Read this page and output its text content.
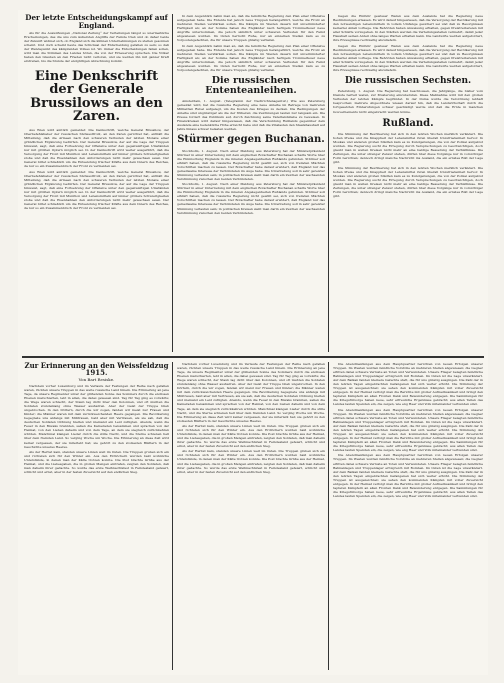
Der letzte Entscheidungskampf auf England.

Als für die Auswirkungen „National Zeitung“ der Verteilungen längst so unermeßliche Erscheinungen, das die uns zum äußersten Angriffe der Feinde trieb und ob daher beide der Zukunft widmet sich, ob England sich die kühnen Unternehmungen zu stellen gesonnen scheint. Und doch scheint heute das Schicksal der Entscheidung gefallen zu sein; so daß der Wendepunkt des kämpfenden Volkes ist. Wo immer die Entscheidungen fallen sollen, wird man die Stimmen des Landes hören, die von der Erneuerung sprechen. Die Völker haben den Glauben an den Frieden nicht verloren, und sie werden ihn mit ganzer Kraft erstreben, bis die Stunde der endgültigen Abrechnung kommt.

Eine Denkschrift der Generale Brussilows an den Zaren.

Aus Wien wird amtlich gemeldet: Die Denkschrift, welche General Brussilow, der Oberbefehlshaber der russischen Südwestfront, an den Zaren gerichtet hat, enthält die Mitteilung, daß die Armeen nach den schweren Verlusten der letzten Monate einer gründlichen Ergänzung bedürfen. Der General Brussilow, der auf die Lage der Truppen hinweist, sagt, daß eine Fortsetzung der Offensive unter den gegenwärtigen Umständen nur mit größten Opfern möglich sei. In der Denkschrift wird weiter ausgeführt, daß die Versorgung der Front mit Munition und Lebensmitteln auf immer größere Schwierigkeiten stoße und daß die Eisenbahnen den Anforderungen nicht mehr gewachsen seien. Der General bittet schließlich um die Entsendung frischer Kräfte aus dem Innern des Reiches, da nur so ein Zusammenbruch der Front zu vermeiden sei.

Aus Wien wird amtlich gemeldet: Die Denkschrift, welche General Brussilow, der Oberbefehlshaber der russischen Südwestfront, an den Zaren gerichtet hat, enthält die Mitteilung, daß die Armeen nach den schweren Verlusten der letzten Monate einer gründlichen Ergänzung bedürfen. Der General Brussilow, der auf die Lage der Truppen hinweist, sagt, daß eine Fortsetzung der Offensive unter den gegenwärtigen Umständen nur mit größten Opfern möglich sei. In der Denkschrift wird weiter ausgeführt, daß die Versorgung der Front mit Munition und Lebensmitteln auf immer größere Schwierigkeiten stoße und daß die Eisenbahnen den Anforderungen nicht mehr gewachsen seien. Der General bittet schließlich um die Entsendung frischer Kräfte aus dem Innern des Reiches, da nur so ein Zusammenbruch der Front zu vermeiden sei.

In dem Augenblick nahm man an, daß die feindliche Regierung den Plan einer Offensive aufgegeben habe. Die Entente hat jedoch neue Truppen herangeführt, welche die Front an mehreren Stellen verstärken sollen. Die Kämpfe im Westen dauern mit unverminderter Heftigkeit an; an der Somme haben die Engländer nach heftigem Trommelfeuer neue Angriffe unternommen, die jedoch sämtlich unter schweren Verlusten für den Feind abgewiesen wurden. Im Osten herrscht Ruhe, nur an einzelnen Stellen kam es zu Vorpostengefechten, die für unsere Truppen günstig verliefen.

In dem Augenblick nahm man an, daß die feindliche Regierung den Plan einer Offensive aufgegeben habe. Die Entente hat jedoch neue Truppen herangeführt, welche die Front an mehreren Stellen verstärken sollen. Die Kämpfe im Westen dauern mit unverminderter Heftigkeit an; an der Somme haben die Engländer nach heftigem Trommelfeuer neue Angriffe unternommen, die jedoch sämtlich unter schweren Verlusten für den Feind abgewiesen wurden. Im Osten herrscht Ruhe, nur an einzelnen Stellen kam es zu Vorpostengefechten, die für unsere Truppen günstig verliefen.

Die russischen Ententeanleihen.

Amsterdam, 1. August. (Telegramm der Nachrichtenagentur.) Wie aus Petersburg gemeldet wird, hat die russische Regierung eine neue Anleihe im Betrage von mehreren Milliarden Rubel aufgelegt, um die Kosten des Krieges zu decken. Die Bedingungen der Anleihe sind ungünstiger als die der früheren; die Zeichnungen laufen nur langsam ein. Die Presse fordert das Publikum auf, durch Zeichnung seine Vaterlandsliebe zu beweisen. In Finanzkreisen wird darauf hingewiesen, daß die Verschuldung Rußlands gegenüber dem Auslande eine bedenkliche Höhe erreicht habe und daß die Zinslasten den Staatshaushalt auf Jahre hinaus schwer belasten werden.

Stürmer gegen Buchanan.

Stockholm, 1. August. Nach einer Meldung aus Petersburg hat der Ministerpräsident Stürmer in einer Unterredung mit dem englischen Botschafter Buchanan scharfe Worte über die Einmischung Englands in die inneren Angelegenheiten Rußlands gefunden. Stürmer soll erklärt haben, daß die russische Regierung nicht gewillt sei, sich von fremden Mächten Vorschriften machen zu lassen. Der Botschafter habe darauf erwidert, daß England nur das gemeinsame Interesse der Verbündeten im Auge habe. Die Unterredung soll in sehr gereizter Stimmung verlaufen sein; in politischen Kreisen sieht man darin ein Zeichen der wachsenden Verstimmung zwischen den beiden Verbündeten.

Stockholm, 1. August. Nach einer Meldung aus Petersburg hat der Ministerpräsident Stürmer in einer Unterredung mit dem englischen Botschafter Buchanan scharfe Worte über die Einmischung Englands in die inneren Angelegenheiten Rußlands gefunden. Stürmer soll erklärt haben, daß die russische Regierung nicht gewillt sei, sich von fremden Mächten Vorschriften machen zu lassen. Der Botschafter habe darauf erwidert, daß England nur das gemeinsame Interesse der Verbündeten im Auge habe. Die Unterredung soll in sehr gereizter Stimmung verlaufen sein; in politischen Kreisen sieht man darin ein Zeichen der wachsenden Verstimmung zwischen den beiden Verbündeten.

Gegen die Einfuhr gewisser Waren aus dem Auslande hat die Regierung neue Bestimmungen erlassen. Es wird darauf hingewiesen, daß die Versorgung der Bevölkerung mit den notwendigen Lebensmitteln in vollem Umfange gesichert sei und daß zu Besorgnissen keinerlei Anlaß vorliege. Die Behörden haben Anweisung erhalten, gegen Preistreibereien mit aller Schärfe vorzugehen. In den Städten werden die Verteilungsstellen vermehrt, damit jeder Haushalt seinen Anteil ohne langes Warten erhalten kann. Die Landwirte werden aufgefordert, ihre Erzeugnisse rechtzeitig abzuliefern.

Gegen die Einfuhr gewisser Waren aus dem Auslande hat die Regierung neue Bestimmungen erlassen. Es wird darauf hingewiesen, daß die Versorgung der Bevölkerung mit den notwendigen Lebensmitteln in vollem Umfange gesichert sei und daß zu Besorgnissen keinerlei Anlaß vorliege. Die Behörden haben Anweisung erhalten, gegen Preistreibereien mit aller Schärfe vorzugehen. In den Städten werden die Verteilungsstellen vermehrt, damit jeder Haushalt seinen Anteil ohne langes Warten erhalten kann. Die Landwirte werden aufgefordert, ihre Erzeugnisse rechtzeitig abzuliefern.

Die russischen Sechsten.

Petersburg, 1. August. Die Regierung hat beschlossen, die Jahrgänge, die bisher vom Dienste befreit waren, zur Musterung einzuberufen. Diese Maßnahme wird mit den großen Verlusten der letzten Kämpfe begründet. In der Duma wurde die Verordnung lebhaft besprochen; mehrere Abgeordnete wiesen darauf hin, daß die Landwirtschaft durch die fortgesetzten Einberufungen schwer geschädigt werde und daß die Ernte in manchen Gouvernements nicht eingebracht werden könne.

Rußland.

Die Stimmung der Bevölkerung hat sich in den letzten Wochen merklich verändert. Die hohen Preise und die Knappheit der Lebensmittel rufen überall Unzufriedenheit hervor. In Moskau und anderen großen Städten kam es zu Kundgebungen, die von der Polizei aufgelöst wurden. Die Regierung sucht die Erregung durch Versprechungen zu beschwichtigen, doch glaubt man in weiten Kreisen nicht mehr an eine baldige Besserung der Verhältnisse. Die Zeitungen, die unter strenger Zensur stehen, dürfen über diese Vorgänge nur in vorsichtiger Form berichten; dennoch dringt manche Nachricht ins Ausland, die ein ernstes Bild der Lage gibt.

Die Stimmung der Bevölkerung hat sich in den letzten Wochen merklich verändert. Die hohen Preise und die Knappheit der Lebensmittel rufen überall Unzufriedenheit hervor. In Moskau und anderen großen Städten kam es zu Kundgebungen, die von der Polizei aufgelöst wurden. Die Regierung sucht die Erregung durch Versprechungen zu beschwichtigen, doch glaubt man in weiten Kreisen nicht mehr an eine baldige Besserung der Verhältnisse. Die Zeitungen, die unter strenger Zensur stehen, dürfen über diese Vorgänge nur in vorsichtiger Form berichten; dennoch dringt manche Nachricht ins Ausland, die ein ernstes Bild der Lage gibt.

Zur Erinnerung an den Weissfeldzug 1915.
Von Bart Resiske.

Nachdem vorher Luxemburg und im Verlaufe der Festungen der Reihe nach gefallen waren, rückten unsere Truppen in das weite russische Land hinein. Die Erinnerung an jene Tage, da unsere Regimenter unter der glühenden Sonne des Sommers durch die endlosen Ebenen marschierten, lebt in allen, die dabei gewesen sind. Tag für Tag ging es vorwärts; die Wege waren schlecht, der Staub lag dicht über den Kolonnen, und oft mußten die Soldaten stundenlang ohne Wasser ausharren. Aber der Geist der Truppe blieb ungebrochen. In den Dörfern, durch die wir zogen, fanden wir meist nur Frauen und Kinder; die Männer waren mit dem zurückweichenden Heere gegangen. Die Bevölkerung begegnete uns anfangs mit Mißtrauen, bald aber mit Vertrauen, als sie sah, daß die deutschen Soldaten Ordnung hielten und niemand ein Leid zufügten. Abends, wenn die Feuer in den Biwaks brannten, saßen die Kameraden beisammen und sprachen von der Heimat, von den Lieben daheim und von dem Tage, an dem sie siegreich zurückkehren würden. Manchmal klangen Lieder durch die stille Nacht, und die Sterne schienen hell über dem fremden Land. So verging Woche um Woche. Die Erinnerung an diese Zeit wird keiner vergessen, der sie miterlebt hat; sie gehört zu den stolzesten Blättern in der Geschichte unseres Heeres.

Als der Herbst kam, standen unsere Linien weit im Osten. Die Truppen gruben sich ein und richteten sich für den Winter ein. Aus den Erdlöchern wurden bald wohnliche Unterstände, in denen man der Kälte trotzen konnte. Die Post brachte Grüße aus der Heimat, und die Liebesgaben, die in großen Mengen eintrafen, zeigten den Soldaten, daß man daheim ihrer gedachte. So wurde das erste Weihnachtsfest in Feindesland gefeiert, schlicht und ernst, aber in der festen Zuversicht auf den endlichen Sieg.

Nachdem vorher Luxemburg und im Verlaufe der Festungen der Reihe nach gefallen waren, rückten unsere Truppen in das weite russische Land hinein. Die Erinnerung an jene Tage, da unsere Regimenter unter der glühenden Sonne des Sommers durch die endlosen Ebenen marschierten, lebt in allen, die dabei gewesen sind. Tag für Tag ging es vorwärts; die Wege waren schlecht, der Staub lag dicht über den Kolonnen, und oft mußten die Soldaten stundenlang ohne Wasser ausharren. Aber der Geist der Truppe blieb ungebrochen. In den Dörfern, durch die wir zogen, fanden wir meist nur Frauen und Kinder; die Männer waren mit dem zurückweichenden Heere gegangen. Die Bevölkerung begegnete uns anfangs mit Mißtrauen, bald aber mit Vertrauen, als sie sah, daß die deutschen Soldaten Ordnung hielten und niemand ein Leid zufügten. Abends, wenn die Feuer in den Biwaks brannten, saßen die Kameraden beisammen und sprachen von der Heimat, von den Lieben daheim und von dem Tage, an dem sie siegreich zurückkehren würden. Manchmal klangen Lieder durch die stille Nacht, und die Sterne schienen hell über dem fremden Land. So verging Woche um Woche. Die Erinnerung an diese Zeit wird keiner vergessen, der sie miterlebt hat; sie gehört zu den stolzesten Blättern in der Geschichte unseres Heeres.

Als der Herbst kam, standen unsere Linien weit im Osten. Die Truppen gruben sich ein und richteten sich für den Winter ein. Aus den Erdlöchern wurden bald wohnliche Unterstände, in denen man der Kälte trotzen konnte. Die Post brachte Grüße aus der Heimat, und die Liebesgaben, die in großen Mengen eintrafen, zeigten den Soldaten, daß man daheim ihrer gedachte. So wurde das erste Weihnachtsfest in Feindesland gefeiert, schlicht und ernst, aber in der festen Zuversicht auf den endlichen Sieg.

Als der Herbst kam, standen unsere Linien weit im Osten. Die Truppen gruben sich ein und richteten sich für den Winter ein. Aus den Erdlöchern wurden bald wohnliche Unterstände, in denen man der Kälte trotzen konnte. Die Post brachte Grüße aus der Heimat, und die Liebesgaben, die in großen Mengen eintrafen, zeigten den Soldaten, daß man daheim ihrer gedachte. So wurde das erste Weihnachtsfest in Feindesland gefeiert, schlicht und ernst, aber in der festen Zuversicht auf den endlichen Sieg.

Die Abendmeldungen aus dem Hauptquartier berichten von neuen Erfolgen unserer Truppen. Im Westen wurden feindliche Vorstöße an mehreren Stellen abgewiesen; die Gegner erlitten dabei schwere Verluste an Toten und Verwundeten. Unsere Flieger belegten feindliche Bahnanlagen und Truppenlager erfolgreich mit Bomben. Im Osten ist die Lage unverändert. Auf dem Balkan fanden kleinere Gefechte statt, die für uns günstig ausgingen. Die Zahl der in den letzten Tagen eingebrachten Gefangenen hat sich weiter erhöht. Die Stimmung der Truppen ist ausgezeichnet; sie sehen den kommenden Kämpfen mit voller Zuversicht entgegen. In der Heimat verfolgt man die Berichte mit großer Aufmerksamkeit und bringt den tapferen Kämpfern an allen Fronten Dank und Bewunderung entgegen. Die Sammlungen für die Kriegsfürsorge haben neue, sehr erfreuliche Ergebnisse gebracht; aus allen Teilen des Landes laufen Spenden ein, die zeigen, wie eng Heer und Volk miteinander verbunden sind.

Die Abendmeldungen aus dem Hauptquartier berichten von neuen Erfolgen unserer Truppen. Im Westen wurden feindliche Vorstöße an mehreren Stellen abgewiesen; die Gegner erlitten dabei schwere Verluste an Toten und Verwundeten. Unsere Flieger belegten feindliche Bahnanlagen und Truppenlager erfolgreich mit Bomben. Im Osten ist die Lage unverändert. Auf dem Balkan fanden kleinere Gefechte statt, die für uns günstig ausgingen. Die Zahl der in den letzten Tagen eingebrachten Gefangenen hat sich weiter erhöht. Die Stimmung der Truppen ist ausgezeichnet; sie sehen den kommenden Kämpfen mit voller Zuversicht entgegen. In der Heimat verfolgt man die Berichte mit großer Aufmerksamkeit und bringt den tapferen Kämpfern an allen Fronten Dank und Bewunderung entgegen. Die Sammlungen für die Kriegsfürsorge haben neue, sehr erfreuliche Ergebnisse gebracht; aus allen Teilen des Landes laufen Spenden ein, die zeigen, wie eng Heer und Volk miteinander verbunden sind.

Die Abendmeldungen aus dem Hauptquartier berichten von neuen Erfolgen unserer Truppen. Im Westen wurden feindliche Vorstöße an mehreren Stellen abgewiesen; die Gegner erlitten dabei schwere Verluste an Toten und Verwundeten. Unsere Flieger belegten feindliche Bahnanlagen und Truppenlager erfolgreich mit Bomben. Im Osten ist die Lage unverändert. Auf dem Balkan fanden kleinere Gefechte statt, die für uns günstig ausgingen. Die Zahl der in den letzten Tagen eingebrachten Gefangenen hat sich weiter erhöht. Die Stimmung der Truppen ist ausgezeichnet; sie sehen den kommenden Kämpfen mit voller Zuversicht entgegen. In der Heimat verfolgt man die Berichte mit großer Aufmerksamkeit und bringt den tapferen Kämpfern an allen Fronten Dank und Bewunderung entgegen. Die Sammlungen für die Kriegsfürsorge haben neue, sehr erfreuliche Ergebnisse gebracht; aus allen Teilen des Landes laufen Spenden ein, die zeigen, wie eng Heer und Volk miteinander verbunden sind.
